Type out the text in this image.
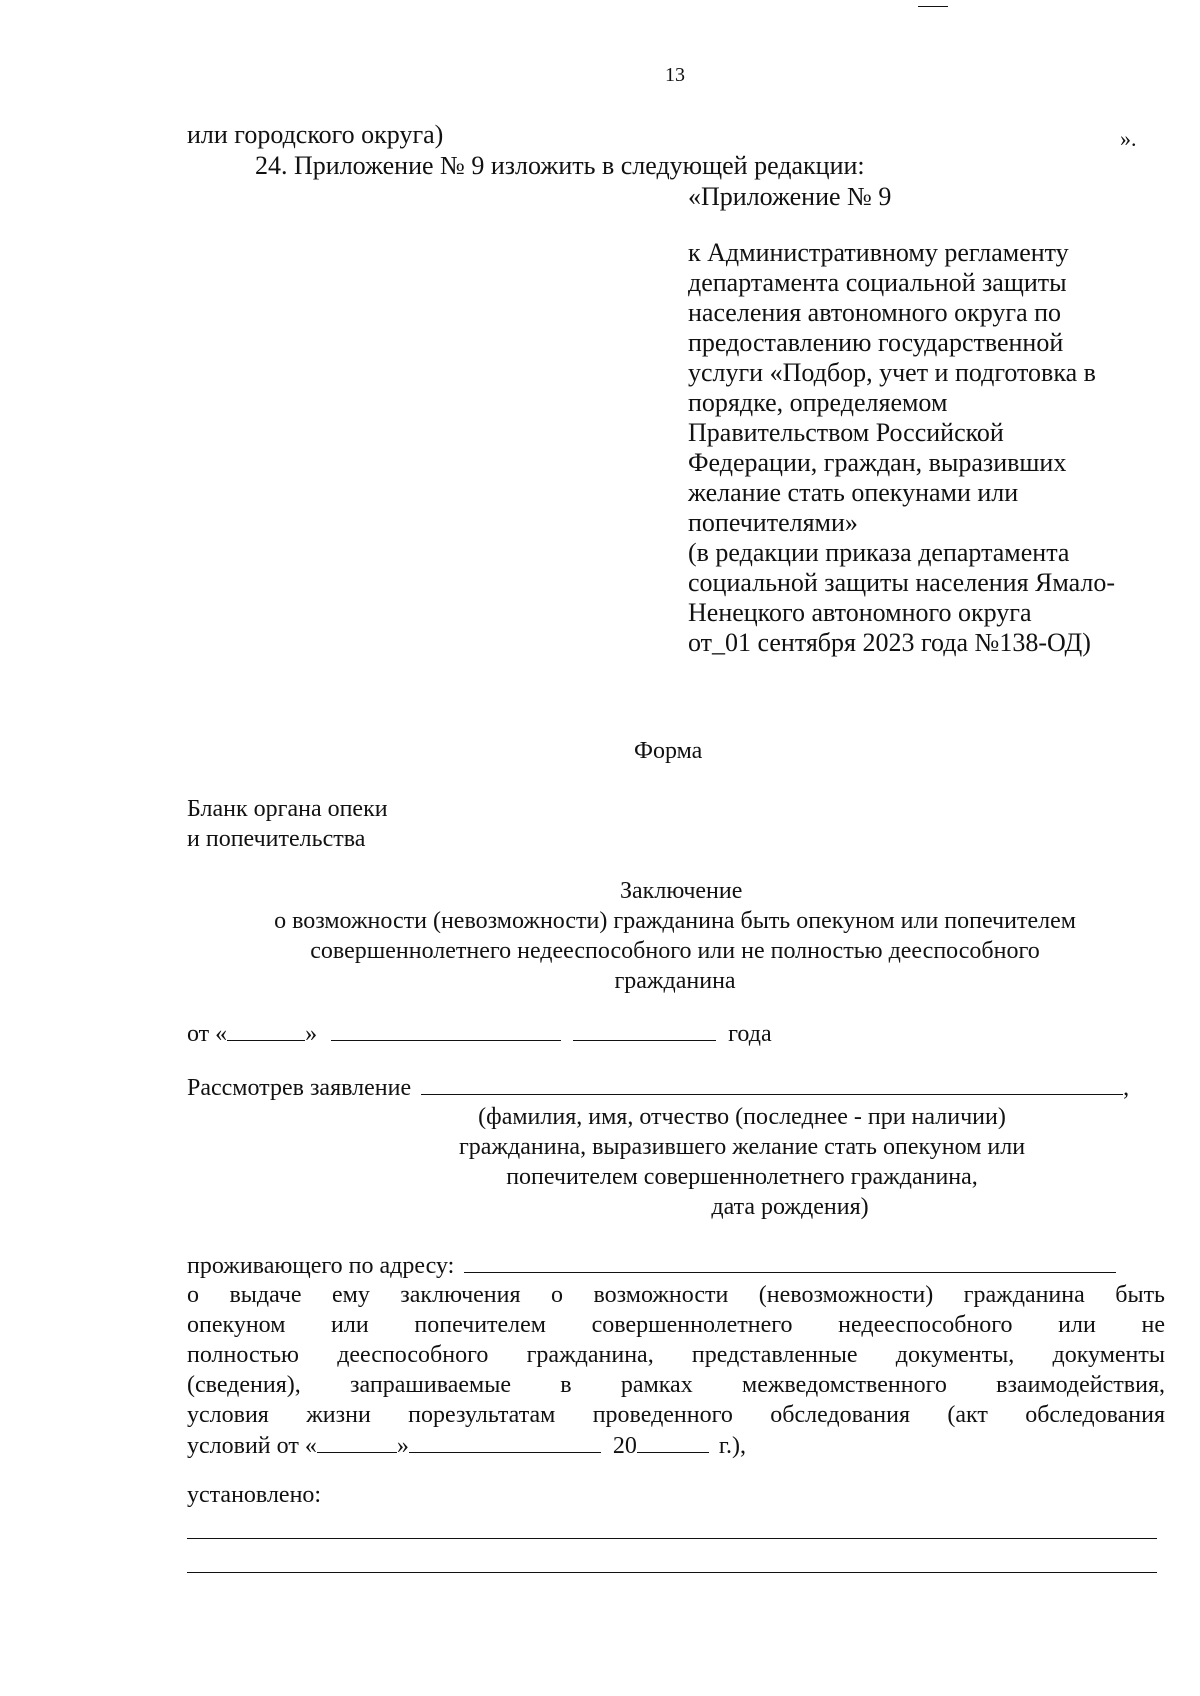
13
или городского округа)	».
24. Приложение № 9 изложить в следующей редакции:
«Приложение № 9
к Административному регламенту
департамента социальной защиты
населения автономного округа по
предоставлению государственной
услуги «Подбор, учет и подготовка в
порядке, определяемом
Правительством Российской
Федерации, граждан, выразивших
желание стать опекунами или
попечителями»
(в редакции приказа департамента
социальной защиты населения Ямало-
Ненецкого автономного округа
от_01 сентября 2023 года №138-ОД)
Форма
Бланк органа опеки
и попечительства
Заключение
о возможности (невозможности) гражданина быть опекуном или попечителем
совершеннолетнего недееспособного или не полностью дееспособного
гражданина
от «	»	года
Рассмотрев заявление	,
(фамилия, имя, отчество (последнее - при наличии)
гражданина, выразившего желание стать опекуном или
попечителем совершеннолетнего гражданина,
дата рождения)
проживающего по адресу:
о выдаче ему заключения о возможности (невозможности) гражданина быть
опекуном или попечителем совершеннолетнего недееспособного или не
полностью дееспособного гражданина, представленные документы, документы
(сведения), запрашиваемые в рамках межведомственного взаимодействия,
условия жизни порезультатам проведенного обследования (акт обследования
условий от «	»	20	г.),
установлено:
